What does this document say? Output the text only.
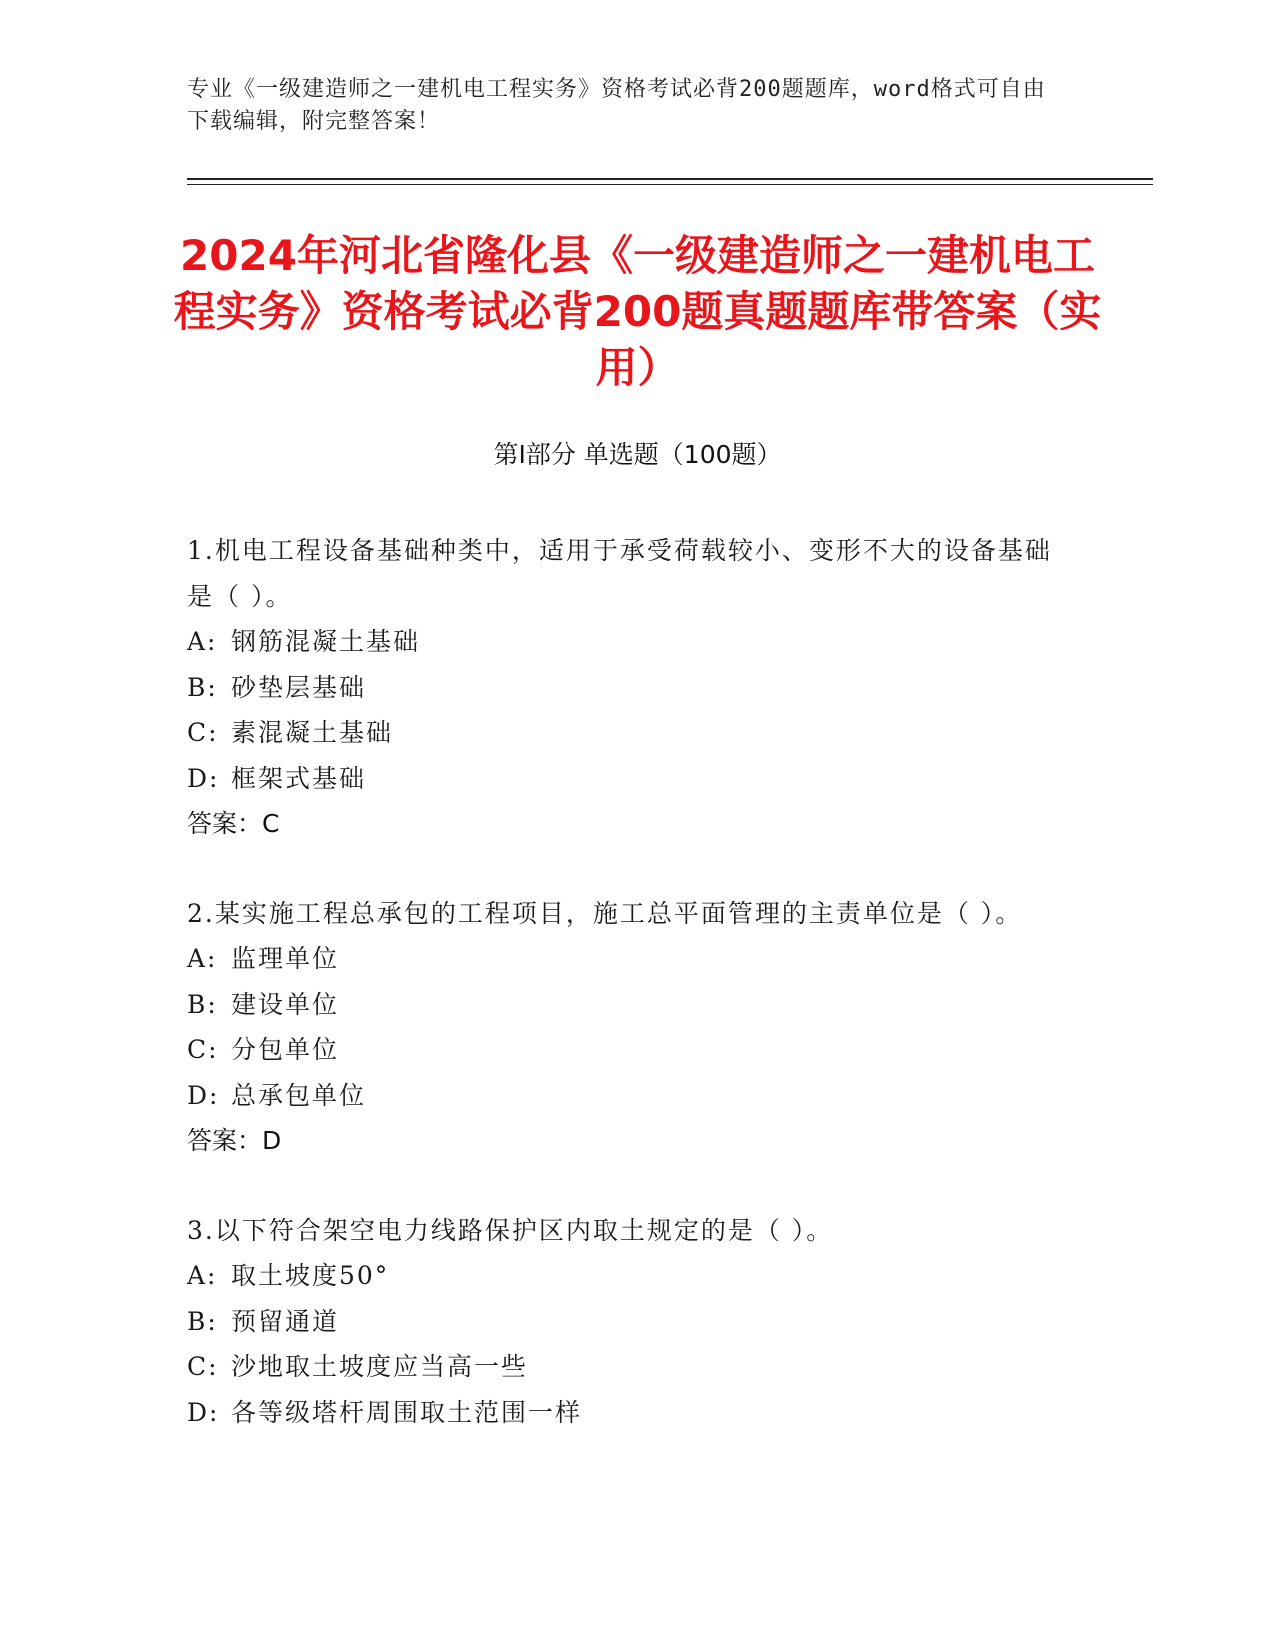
专业《一级建造师之一建机电工程实务》资格考试必背200题题库，word格式可自由下载编辑，附完整答案！
2024年河北省隆化县《一级建造师之一建机电工程实务》资格考试必背200题真题题库带答案（实用）
第Ⅰ部分 单选题（100题）
1.机电工程设备基础种类中，适用于承受荷载较小、变形不大的设备基础是（ ）。
A: 钢筋混凝土基础
B: 砂垫层基础
C: 素混凝土基础
D: 框架式基础
答案：C
2.某实施工程总承包的工程项目，施工总平面管理的主责单位是（ ）。
A: 监理单位
B: 建设单位
C: 分包单位
D: 总承包单位
答案：D
3.以下符合架空电力线路保护区内取土规定的是（ ）。
A: 取土坡度50°
B: 预留通道
C: 沙地取土坡度应当高一些
D: 各等级塔杆周围取土范围一样
